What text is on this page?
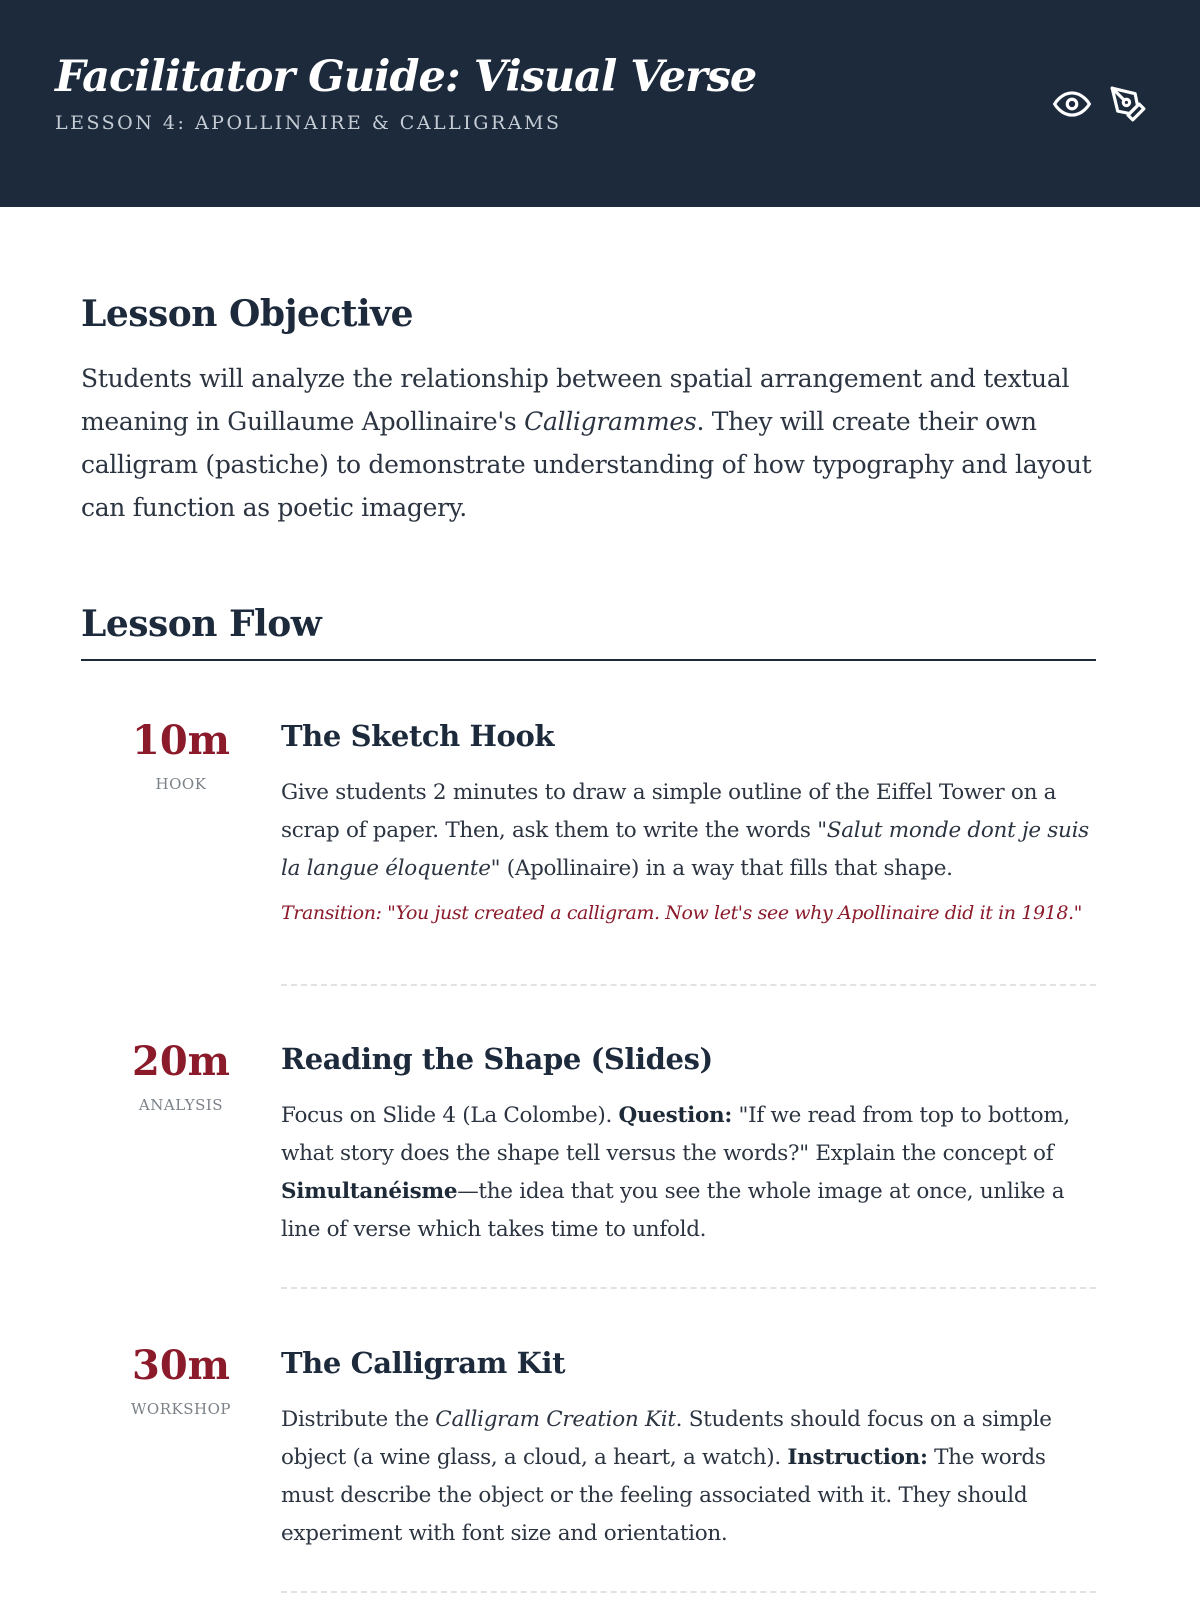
Facilitator Guide: Visual Verse
LESSON 4: APOLLINAIRE & CALLIGRAMS
Lesson Objective
Students will analyze the relationship between spatial arrangement and textual meaning in Guillaume Apollinaire's Calligrammes. They will create their own calligram (pastiche) to demonstrate understanding of how typography and layout can function as poetic imagery.
Lesson Flow
10m
HOOK
The Sketch Hook
Give students 2 minutes to draw a simple outline of the Eiffel Tower on a scrap of paper. Then, ask them to write the words "Salut monde dont je suis la langue éloquente" (Apollinaire) in a way that fills that shape.
Transition: "You just created a calligram. Now let's see why Apollinaire did it in 1918."
20m
ANALYSIS
Reading the Shape (Slides)
Focus on Slide 4 (La Colombe). Question: "If we read from top to bottom, what story does the shape tell versus the words?" Explain the concept of Simultanéisme—the idea that you see the whole image at once, unlike a line of verse which takes time to unfold.
30m
WORKSHOP
The Calligram Kit
Distribute the Calligram Creation Kit. Students should focus on a simple object (a wine glass, a cloud, a heart, a watch). Instruction: The words must describe the object or the feeling associated with it. They should experiment with font size and orientation.
